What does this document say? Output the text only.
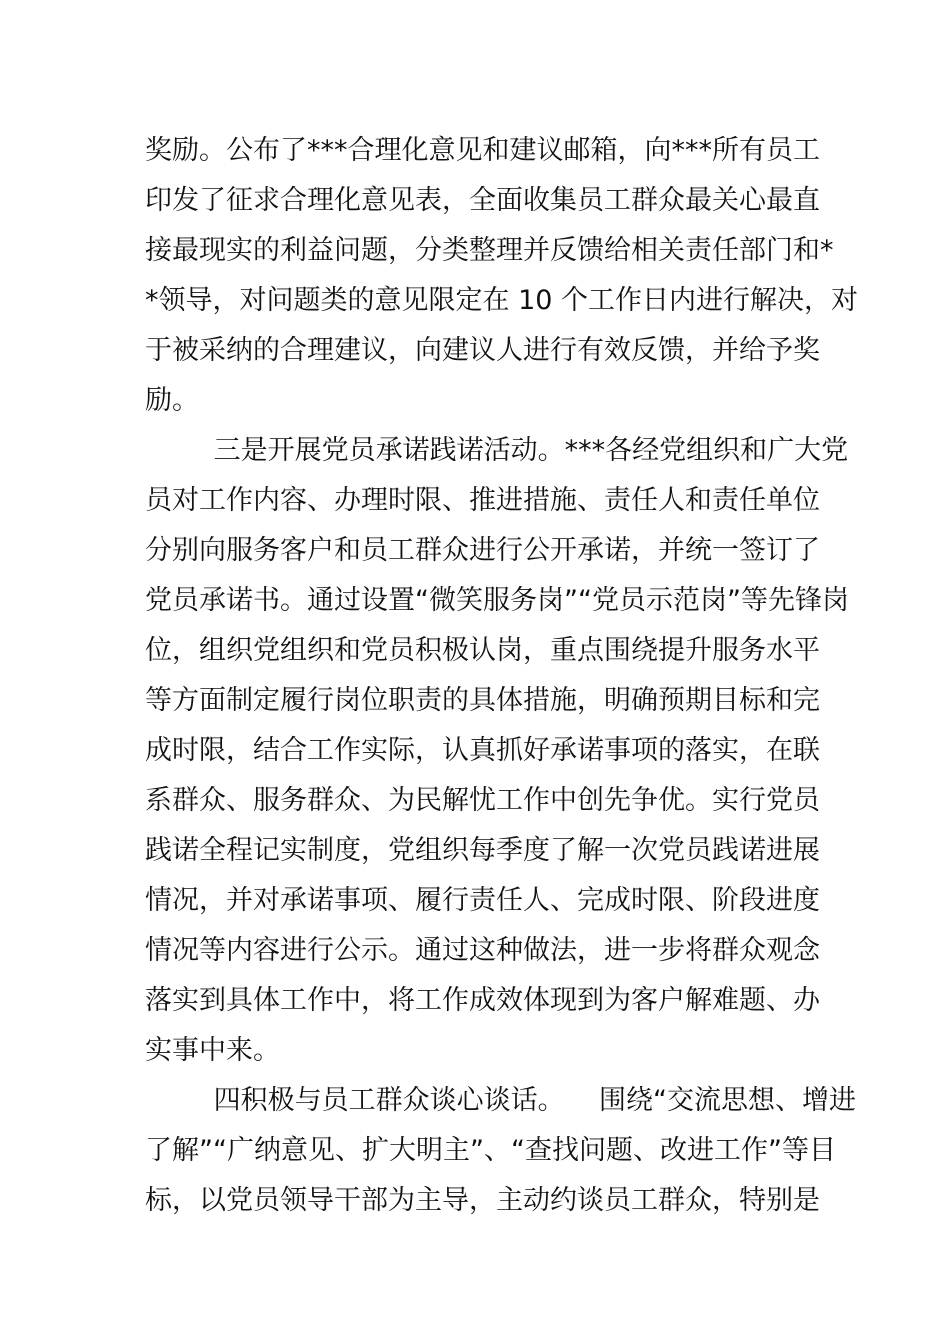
奖励。公布了***合理化意见和建议邮箱，向***所有员工
印发了征求合理化意见表，全面收集员工群众最关心最直
接最现实的利益问题，分类整理并反馈给相关责任部门和*
*领导，对问题类的意见限定在 10 个工作日内进行解决，对
于被采纳的合理建议，向建议人进行有效反馈，并给予奖
励。
三是开展党员承诺践诺活动。***各经党组织和广大党
员对工作内容、办理时限、推进措施、责任人和责任单位
分别向服务客户和员工群众进行公开承诺，并统一签订了
党员承诺书。通过设置“微笑服务岗”“党员示范岗”等先锋岗
位，组织党组织和党员积极认岗，重点围绕提升服务水平
等方面制定履行岗位职责的具体措施，明确预期目标和完
成时限，结合工作实际，认真抓好承诺事项的落实，在联
系群众、服务群众、为民解忧工作中创先争优。实行党员
践诺全程记实制度，党组织每季度了解一次党员践诺进展
情况，并对承诺事项、履行责任人、完成时限、阶段进度
情况等内容进行公示。通过这种做法，进一步将群众观念
落实到具体工作中，将工作成效体现到为客户解难题、办
实事中来。
四积极与员工群众谈心谈话。    围绕“交流思想、增进
了解”“广纳意见、扩大明主”、“查找问题、改进工作”等目
标，以党员领导干部为主导，主动约谈员工群众，特别是
